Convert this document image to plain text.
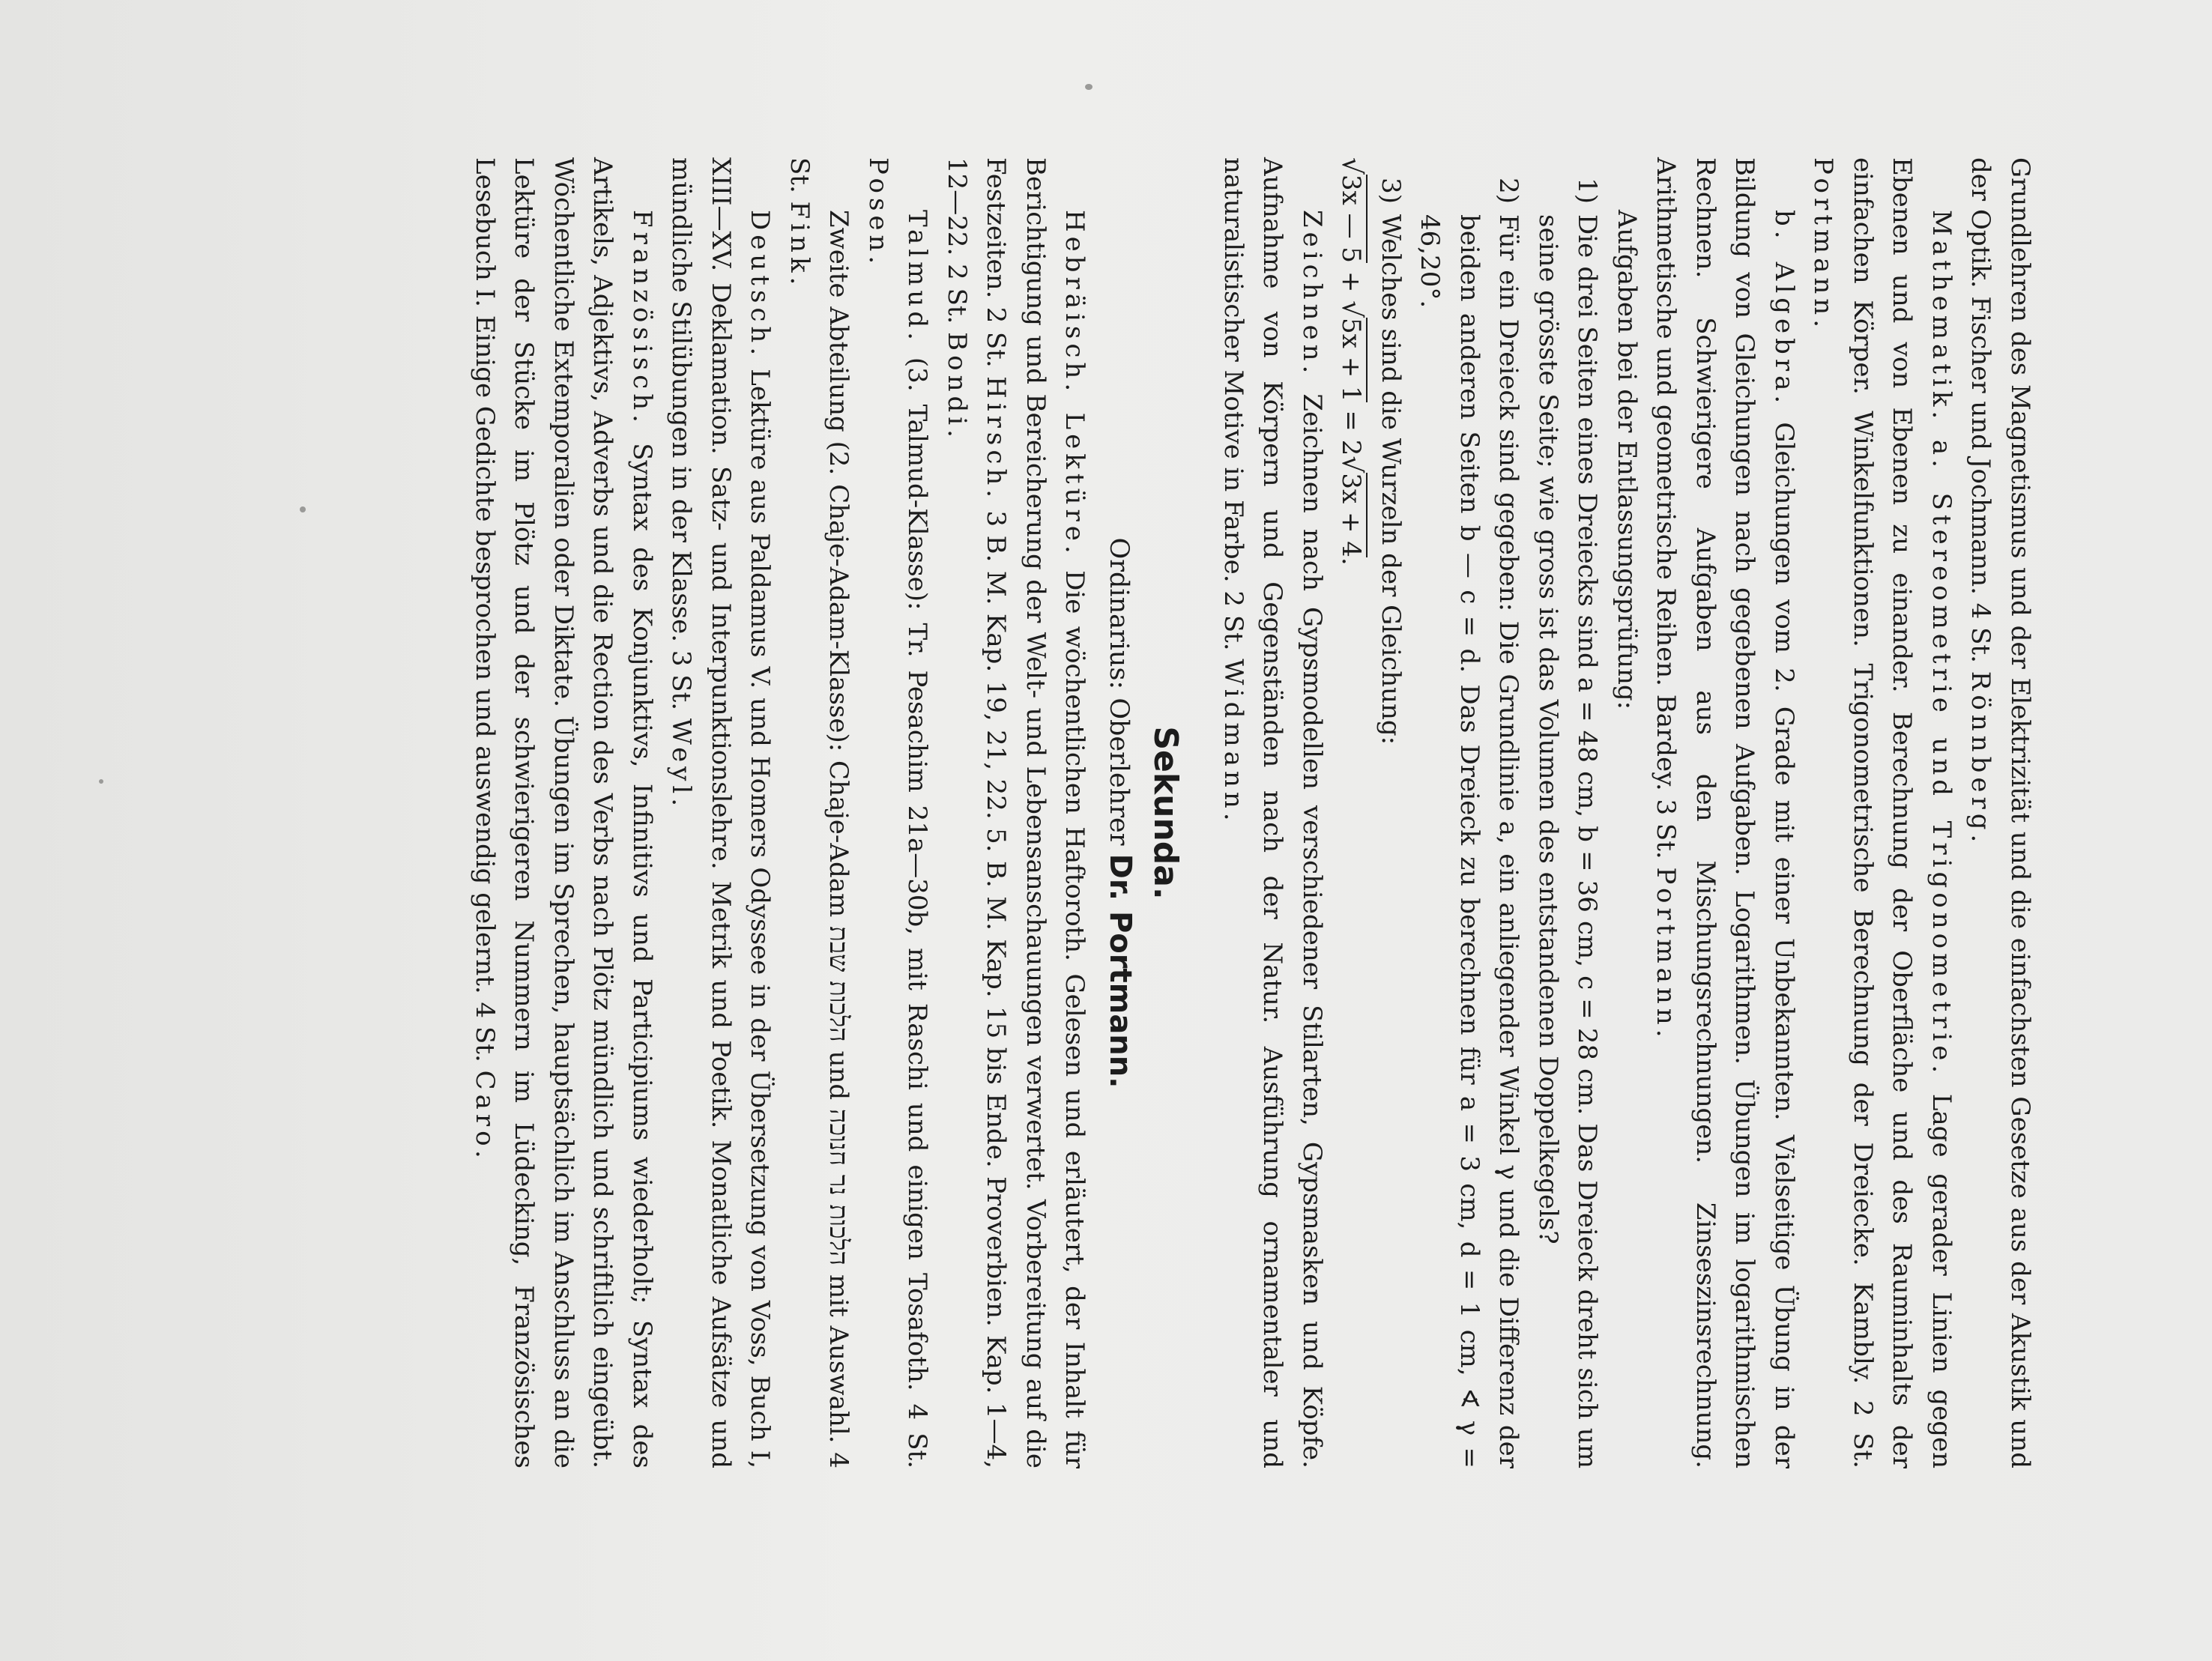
Grundlehren des Magnetismus und der Elektrizität und die einfachsten Gesetze aus der Akustik und der Optik. Fischer und Jochmann. 4 St. Rönnberg.

Mathematik. a. Stereometrie und Trigonometrie. Lage gerader Linien gegen Ebenen und von Ebenen zu einander. Berechnung der Oberfläche und des Rauminhalts der einfachen Körper. Winkelfunktionen. Trigonometrische Berechnung der Dreiecke. Kambly. 2 St. Portmann.

b. Algebra. Gleichungen vom 2. Grade mit einer Unbekannten. Vielseitige Übung in der Bildung von Gleichungen nach gegebenen Aufgaben. Logarithmen. Übungen im logarithmischen Rechnen. Schwierigere Aufgaben aus den Mischungsrechnungen. Zinseszinsrechnung. Arithmetische und geometrische Reihen. Bardey. 3 St. Portmann.

Aufgaben bei der Entlassungsprüfung:

1)
Die drei Seiten eines Dreiecks sind a = 48 cm, b = 36 cm, c = 28 cm. Das Dreieck dreht sich um seine grösste Seite; wie gross ist das Volumen des entstandenen Doppelkegels?
2)
Für ein Dreieck sind gegeben: Die Grundlinie a, ein anliegender Winkel γ und die Differenz der beiden anderen Seiten b — c = d. Das Dreieck zu berechnen für a = 3 cm, d = 1 cm, ∢ γ = 46,20°.
3)
Welches sind die Wurzeln der Gleichung:

√3x — 5 + √5x + 1 = 2√3x + 4.

Zeichnen. Zeichnen nach Gypsmodellen verschiedener Stilarten, Gypsmasken und Köpfe. Aufnahme von Körpern und Gegenständen nach der Natur. Ausführung ornamentaler und naturalistischer Motive in Farbe. 2 St. Widmann.

Sekunda.
Ordinarius: Oberlehrer Dr. Portmann.

Hebräisch. Lektüre. Die wöchentlichen Haftoroth. Gelesen und erläutert, der Inhalt für Berichtigung und Bereicherung der Welt- und Lebensanschauungen verwertet. Vorbereitung auf die Festzeiten. 2 St. Hirsch. 3 B. M. Kap. 19, 21, 22. 5. B. M. Kap. 15 bis Ende. Proverbien. Kap. 1—4, 12—22. 2 St. Bondi.

Talmud. (3. Talmud-Klasse): Tr. Pesachim 21a—30b, mit Raschi und einigen Tosafoth. 4 St. Posen.

Zweite Abteilung (2. Chaje-Adam-Klasse): Chaje-Adam הלכות שבת und הלכות נר חנוכה mit Auswahl. 4 St. Fink.

Deutsch. Lektüre aus Paldamus V. und Homers Odyssee in der Übersetzung von Voss, Buch I, XIII—XV. Deklamation. Satz- und Interpunktionslehre. Metrik und Poetik. Monatliche Aufsätze und mündliche Stilübungen in der Klasse. 3 St. Weyl.

Französisch. Syntax des Konjunktivs, Infinitivs und Participiums wiederholt; Syntax des Artikels, Adjektivs, Adverbs und die Rection des Verbs nach Plötz mündlich und schriftlich eingeübt. Wöchentliche Extemporalien oder Diktate. Übungen im Sprechen, hauptsächlich im Anschluss an die Lektüre der Stücke im Plötz und der schwierigeren Nummern im Lüdecking, Französisches Lesebuch I. Einige Gedichte besprochen und auswendig gelernt. 4 St. Caro.
